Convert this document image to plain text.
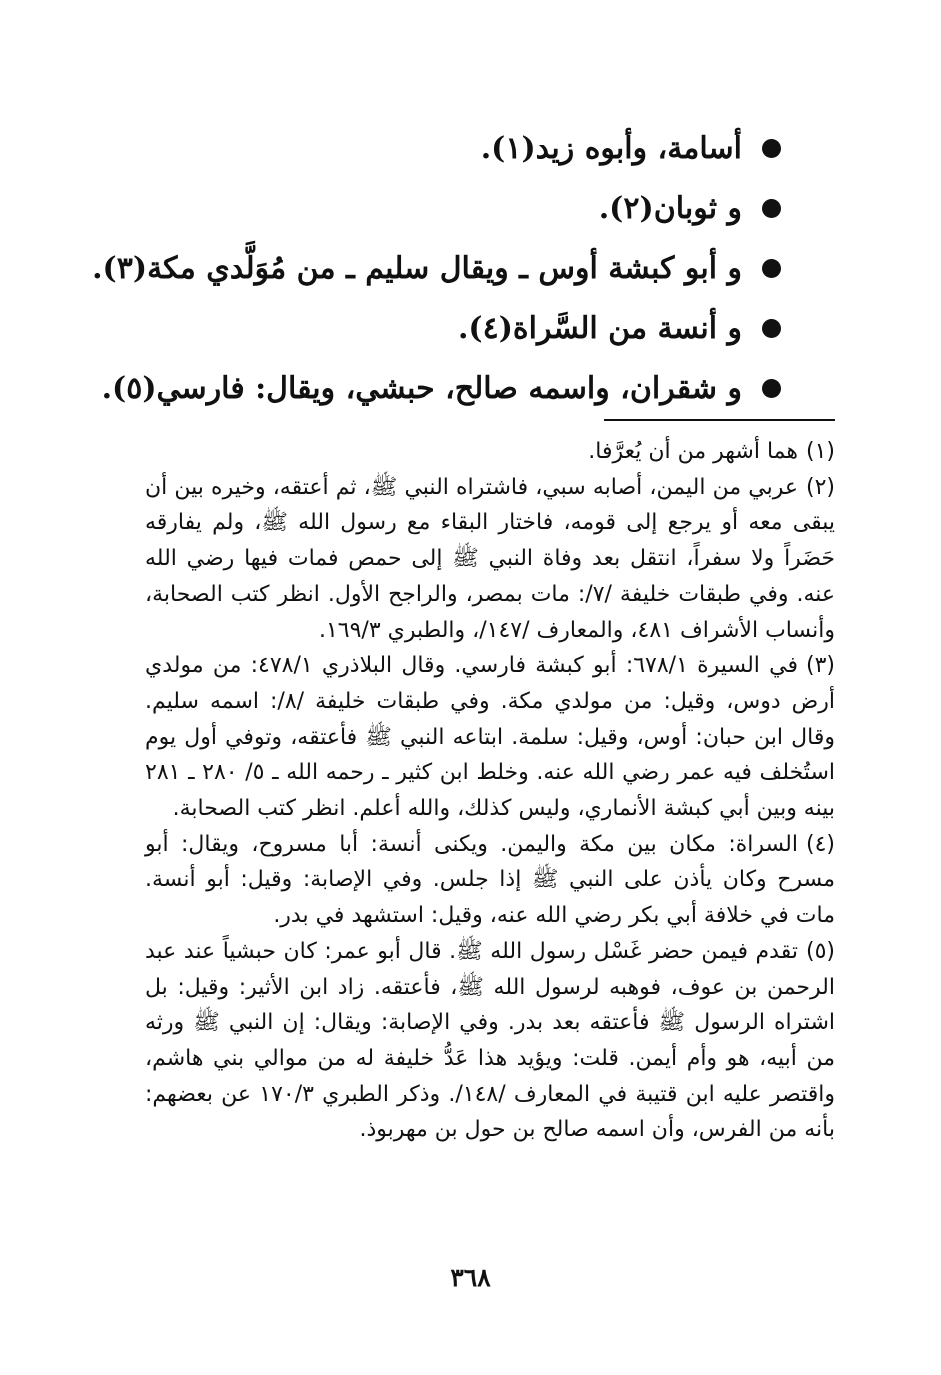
أسامة، وأبوه زيد(١).
و ثوبان(٢).
و أبو كبشة أوس ـ ويقال سليم ـ من مُوَلَّدي مكة(٣).
و أنسة من السَّراة(٤).
و شقران، واسمه صالح، حبشي، ويقال: فارسي(٥).
(١)هما أشهر من أن يُعرَّفا.
(٢)عربي من اليمن، أصابه سبي، فاشتراه النبي ﷺ، ثم أعتقه، وخيره بين أن يبقى معه أو يرجع إلى قومه، فاختار البقاء مع رسول الله ﷺ، ولم يفارقه حَضَراً ولا سفراً، انتقل بعد وفاة النبي ﷺ إلى حمص فمات فيها رضي الله عنه. وفي طبقات خليفة /٧/: مات بمصر، والراجح الأول. انظر كتب الصحابة، وأنساب الأشراف ٤٨١، والمعارف /١٤٧/، والطبري ١٦٩/٣.
(٣)في السيرة ٦٧٨/١: أبو كبشة فارسي. وقال البلاذري ٤٧٨/١: من مولدي أرض دوس، وقيل: من مولدي مكة. وفي طبقات خليفة /٨/: اسمه سليم. وقال ابن حبان: أوس، وقيل: سلمة. ابتاعه النبي ﷺ فأعتقه، وتوفي أول يوم استُخلف فيه عمر رضي الله عنه. وخلط ابن كثير ـ رحمه الله ـ ٥/ ٢٨٠ ـ ٢٨١ بينه وبين أبي كبشة الأنماري، وليس كذلك، والله أعلم. انظر كتب الصحابة.
(٤)السراة: مكان بين مكة واليمن. ويكنى أنسة: أبا مسروح، ويقال: أبو مسرح وكان يأذن على النبي ﷺ إذا جلس. وفي الإصابة: وقيل: أبو أنسة. مات في خلافة أبي بكر رضي الله عنه، وقيل: استشهد في بدر.
(٥)تقدم فيمن حضر غَسْل رسول الله ﷺ. قال أبو عمر: كان حبشياً عند عبد الرحمن بن عوف، فوهبه لرسول الله ﷺ، فأعتقه. زاد ابن الأثير: وقيل: بل اشتراه الرسول ﷺ فأعتقه بعد بدر. وفي الإصابة: ويقال: إن النبي ﷺ ورثه من أبيه، هو وأم أيمن. قلت: ويؤيد هذا عَدُّ خليفة له من موالي بني هاشم، واقتصر عليه ابن قتيبة في المعارف /١٤٨/. وذكر الطبري ١٧٠/٣ عن بعضهم: بأنه من الفرس، وأن اسمه صالح بن حول بن مهربوذ.
٣٦٨
